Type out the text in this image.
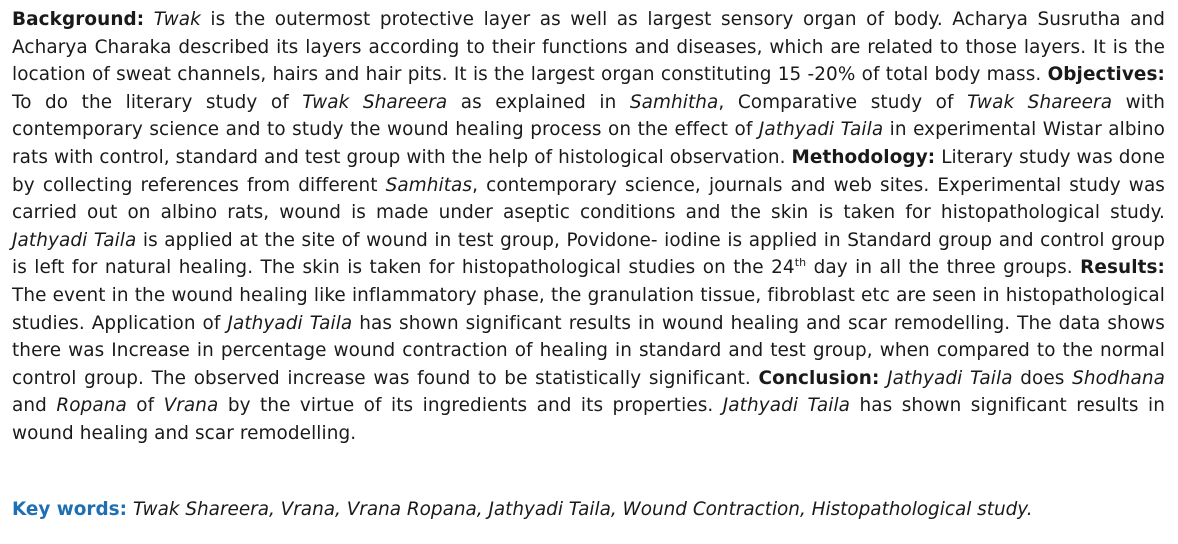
Background: Twak is the outermost protective layer as well as largest sensory organ of body. Acharya Susrutha and Acharya Charaka described its layers according to their functions and diseases, which are related to those layers. It is the location of sweat channels, hairs and hair pits. It is the largest organ constituting 15 -20% of total body mass. Objectives: To do the literary study of Twak Shareera as explained in Samhitha, Comparative study of Twak Shareera with contemporary science and to study the wound healing process on the effect of Jathyadi Taila in experimental Wistar albino rats with control, standard and test group with the help of histological observation. Methodology: Literary study was done by collecting references from different Samhitas, contemporary science, journals and web sites. Experimental study was carried out on albino rats, wound is made under aseptic conditions and the skin is taken for histopathological study. Jathyadi Taila is applied at the site of wound in test group, Povidone- iodine is applied in Standard group and control group is left for natural healing. The skin is taken for histopathological studies on the 24th day in all the three groups. Results: The event in the wound healing like inflammatory phase, the granulation tissue, fibroblast etc are seen in histopathological studies. Application of Jathyadi Taila has shown significant results in wound healing and scar remodelling. The data shows there was Increase in percentage wound contraction of healing in standard and test group, when compared to the normal control group. The observed increase was found to be statistically significant. Conclusion: Jathyadi Taila does Shodhana and Ropana of Vrana by the virtue of its ingredients and its properties. Jathyadi Taila has shown significant results in wound healing and scar remodelling.

Key words: Twak Shareera, Vrana, Vrana Ropana, Jathyadi Taila, Wound Contraction, Histopathological study.
